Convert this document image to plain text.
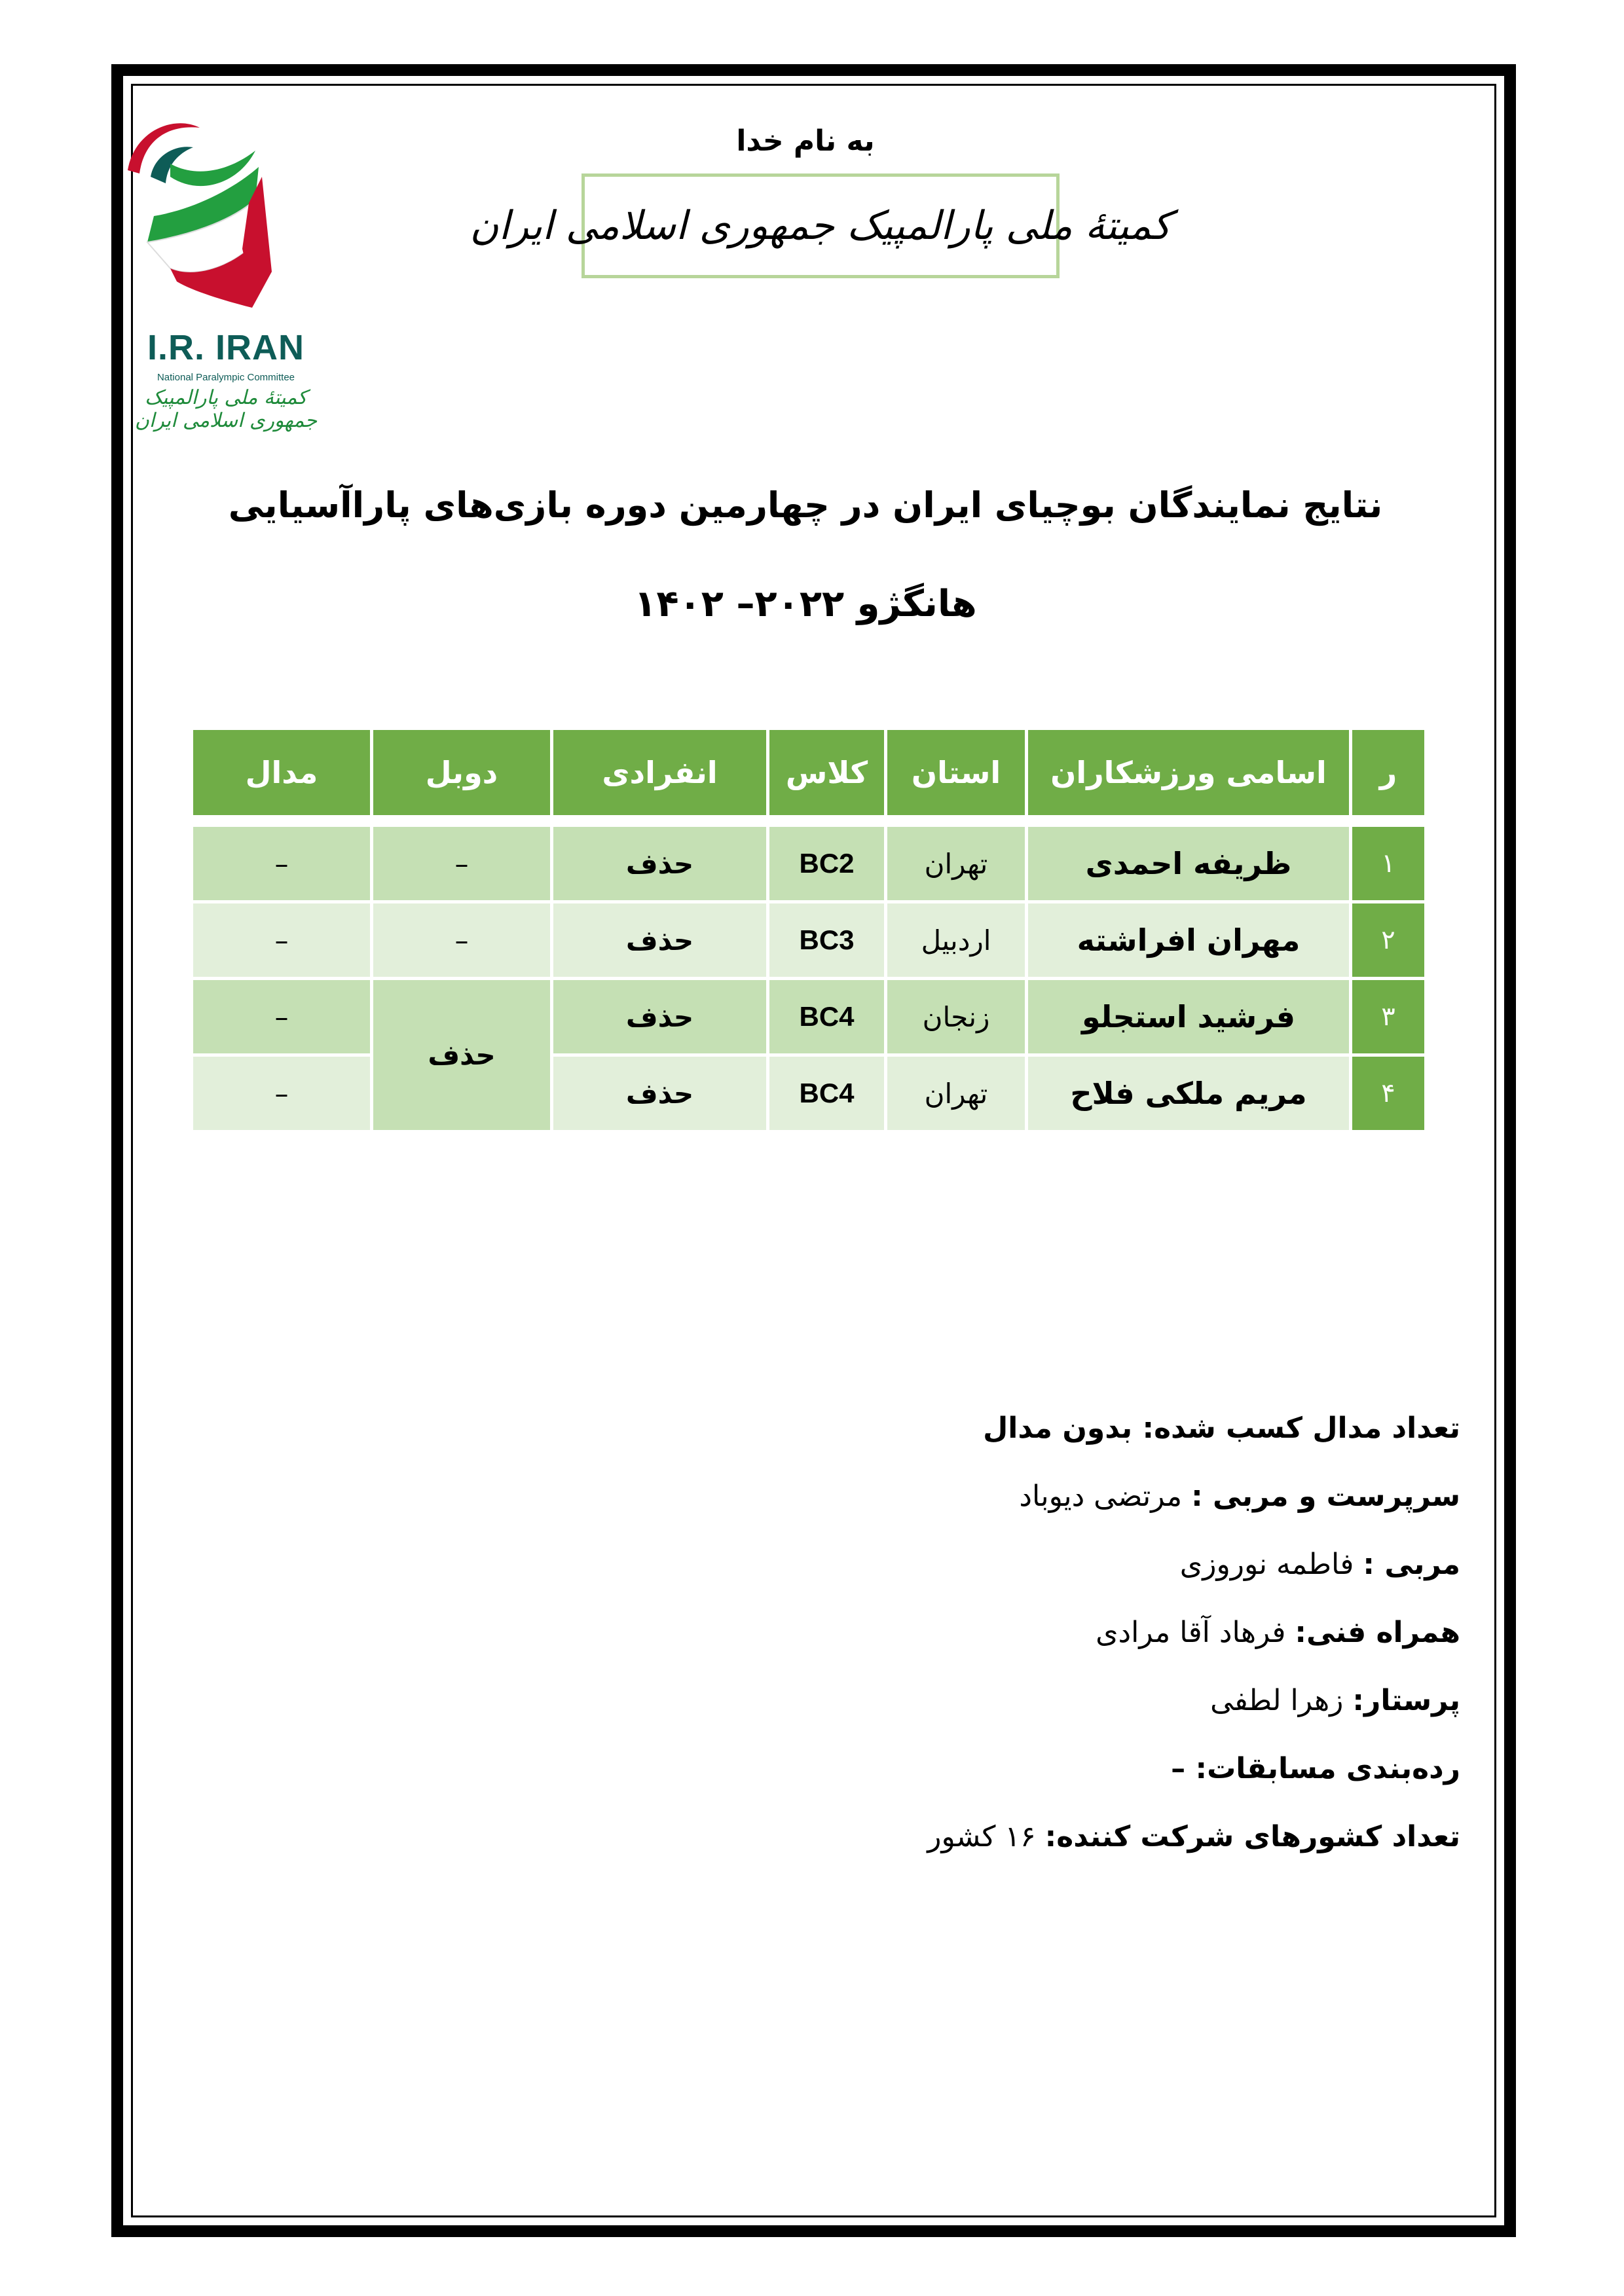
I.R. IRAN
National Paralympic Committee
کمیتهٔ ملی پارالمپیک جمهوری اسلامی ایران
به نام خدا
کمیتهٔ ملی پارالمپیک جمهوری اسلامی ایران
نتایج نمایندگان بوچیای ایران در چهارمین دوره بازی‌های پاراآسیایی
هانگژو ۲۰۲۲– ۱۴۰۲
ر	اسامی ورزشکاران	استان	کلاس	انفرادی	دوبل	مدال

۱	ظریفه احمدی	تهران	BC2	حذف	–	–
۲	مهران افراشته	اردبیل	BC3	حذف	–	–
۳	فرشید استجلو	زنجان	BC4	حذف	حذف	–
۴	مریم ملکی فلاح	تهران	BC4	حذف		–
تعداد مدال کسب شده: بدون مدال
سرپرست و مربی : مرتضی دیوباد
مربی : فاطمه نوروزی
همراه فنی: فرهاد آقا مرادی
پرستار: زهرا لطفی
رده‌بندی مسابقات: –
تعداد کشورهای شرکت کننده: ۱۶ کشور
